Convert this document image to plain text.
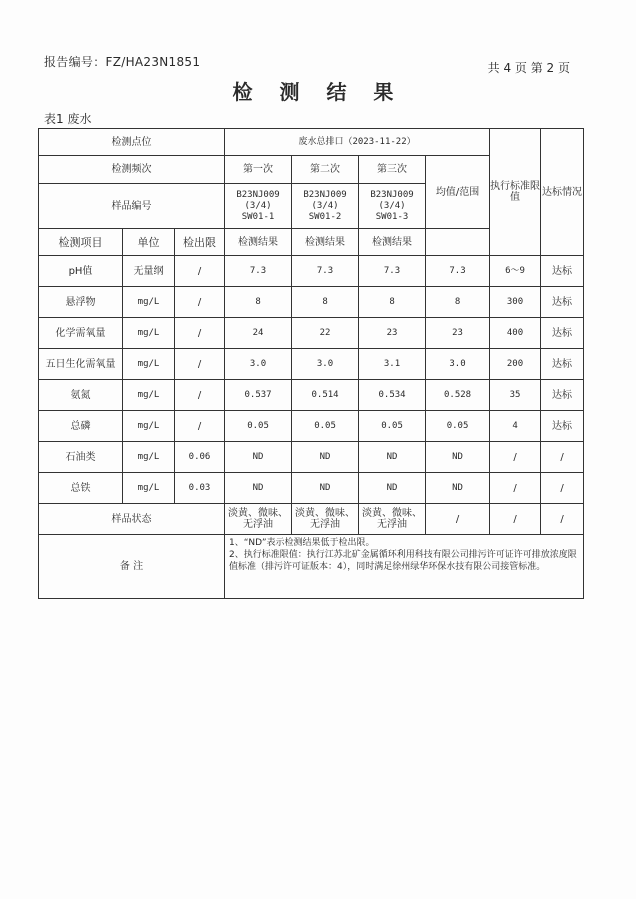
报告编号：FZ/HA23N1851	共 4 页 第 2 页
检 测 结 果
表1 废水
检测点位			废水总排口（2023-11-22）				执行标准限值	达标情况
检测频次			第一次	第二次	第三次	均值/范围		
样品编号			B23NJ009
(3/4)
SW01-1	B23NJ009
(3/4)
SW01-2	B23NJ009
(3/4)
SW01-3			
检测项目	单位	检出限	检测结果	检测结果	检测结果			
pH值	无量纲	/	7.3	7.3	7.3	7.3	6～9	达标
悬浮物	mg/L	/	8	8	8	8	300	达标
化学需氧量	mg/L	/	24	22	23	23	400	达标
五日生化需氧量	mg/L	/	3.0	3.0	3.1	3.0	200	达标
氨氮	mg/L	/	0.537	0.514	0.534	0.528	35	达标
总磷	mg/L	/	0.05	0.05	0.05	0.05	4	达标
石油类	mg/L	0.06	ND	ND	ND	ND	/	/
总铁	mg/L	0.03	ND	ND	ND	ND	/	/
样品状态			淡黄、微味、无浮油	淡黄、微味、无浮油	淡黄、微味、无浮油	/	/	/
备 注			1、“ND”表示检测结果低于检出限。
2、执行标准限值：执行江苏北矿金属循环利用科技有限公司排污许可证许可排放浓度限值标准（排污许可证版本：4），同时满足徐州绿华环保水技有限公司接管标准。					
